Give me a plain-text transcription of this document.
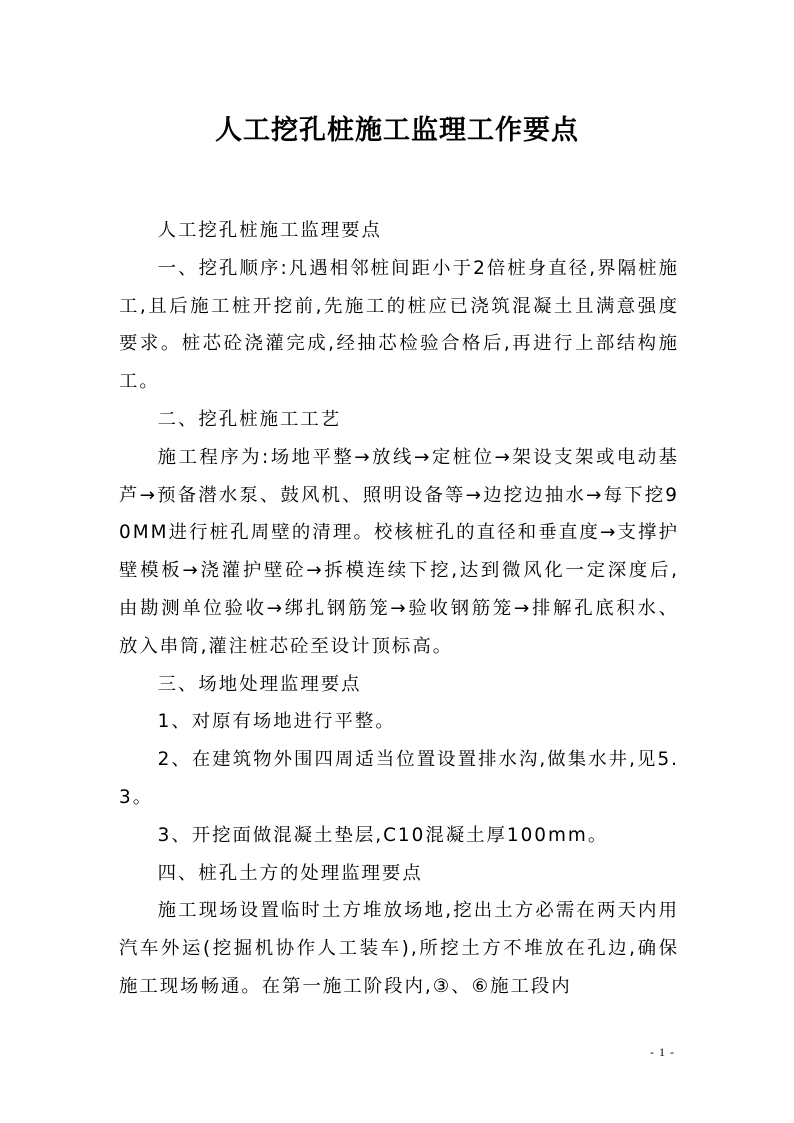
人工挖孔桩施工监理工作要点

人工挖孔桩施工监理要点

一、挖孔顺序:凡遇相邻桩间距小于2倍桩身直径,界隔桩施工,且后施工桩开挖前,先施工的桩应已浇筑混凝土且满意强度要求。桩芯砼浇灌完成,经抽芯检验合格后,再进行上部结构施工。

二、挖孔桩施工工艺

施工程序为:场地平整→放线→定桩位→架设支架或电动基芦→预备潜水泵、鼓风机、照明设备等→边挖边抽水→每下挖90MM进行桩孔周壁的清理。校核桩孔的直径和垂直度→支撑护壁模板→浇灌护壁砼→拆模连续下挖,达到微风化一定深度后,由勘测单位验收→绑扎钢筋笼→验收钢筋笼→排解孔底积水、放入串筒,灌注桩芯砼至设计顶标高。

三、场地处理监理要点

1、对原有场地进行平整。

2、在建筑物外围四周适当位置设置排水沟,做集水井,见5.3。

3、开挖面做混凝土垫层,C10混凝土厚100mm。

四、桩孔土方的处理监理要点

施工现场设置临时土方堆放场地,挖出土方必需在两天内用汽车外运(挖掘机协作人工装车),所挖土方不堆放在孔边,确保施工现场畅通。在第一施工阶段内,③、⑥施工段内

- 1 -
